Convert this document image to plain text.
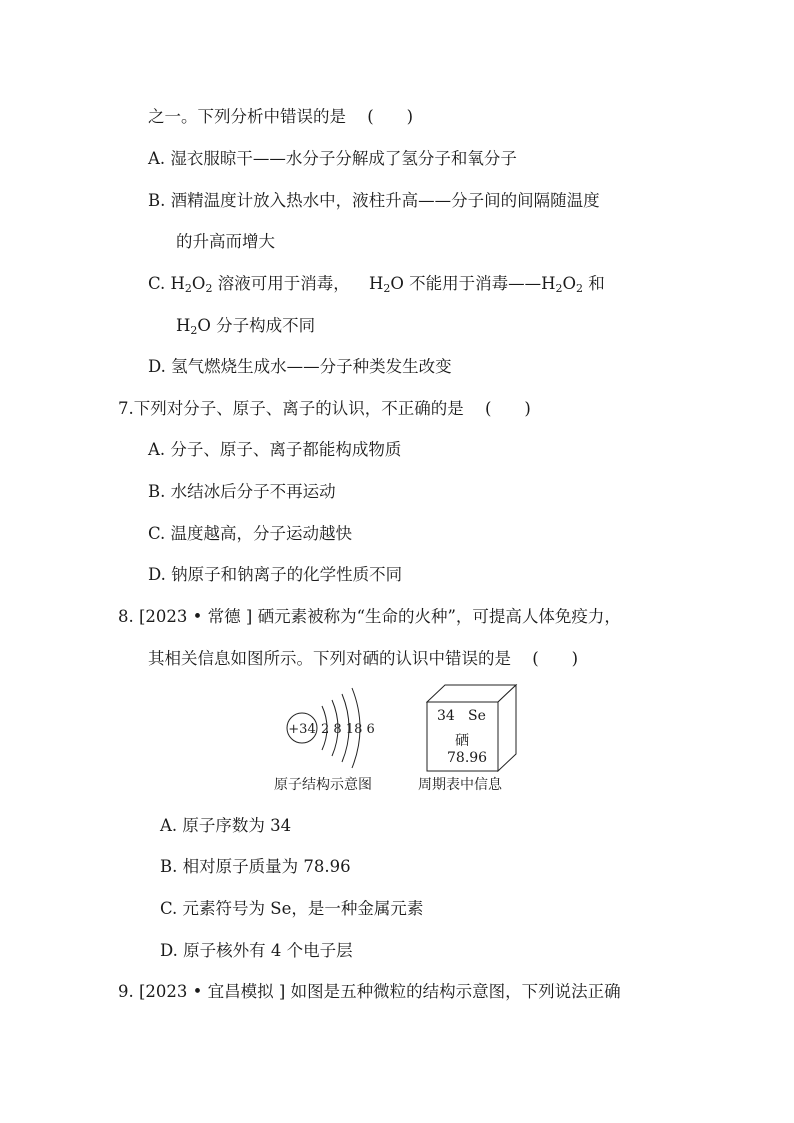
之一。下列分析中错误的是 (　　)
A. 湿衣服晾干——水分子分解成了氢分子和氧分子
B. 酒精温度计放入热水中，液柱升高——分子间的间隔随温度
的升高而增大
C. $H_2O_2$ 溶液可用于消毒， $H_2O$ 不能用于消毒$——H_2O_2$ 和
$H_2O$ 分子构成不同
D. 氢气燃烧生成水——分子种类发生改变
7.下列对分子、原子、离子的认识，不正确的是 (　　)
A. 分子、原子、离子都能构成物质
B. 水结冰后分子不再运动
C. 温度越高，分子运动越快
D. 钠原子和钠离子的化学性质不同
8. [2023 • 常德 ] 硒元素被称为“生命的火种”，可提高人体免疫力，
其相关信息如图所示。下列对硒的认识中错误的是 (　　)
+34 2 8 18 6
原子结构示意图
34 Se
硒
78.96
周期表中信息
A. 原子序数为 34
B. 相对原子质量为 78.96
C. 元素符号为 Se，是一种金属元素
D. 原子核外有 4 个电子层
9. [2023 • 宜昌模拟 ] 如图是五种微粒的结构示意图，下列说法正确
